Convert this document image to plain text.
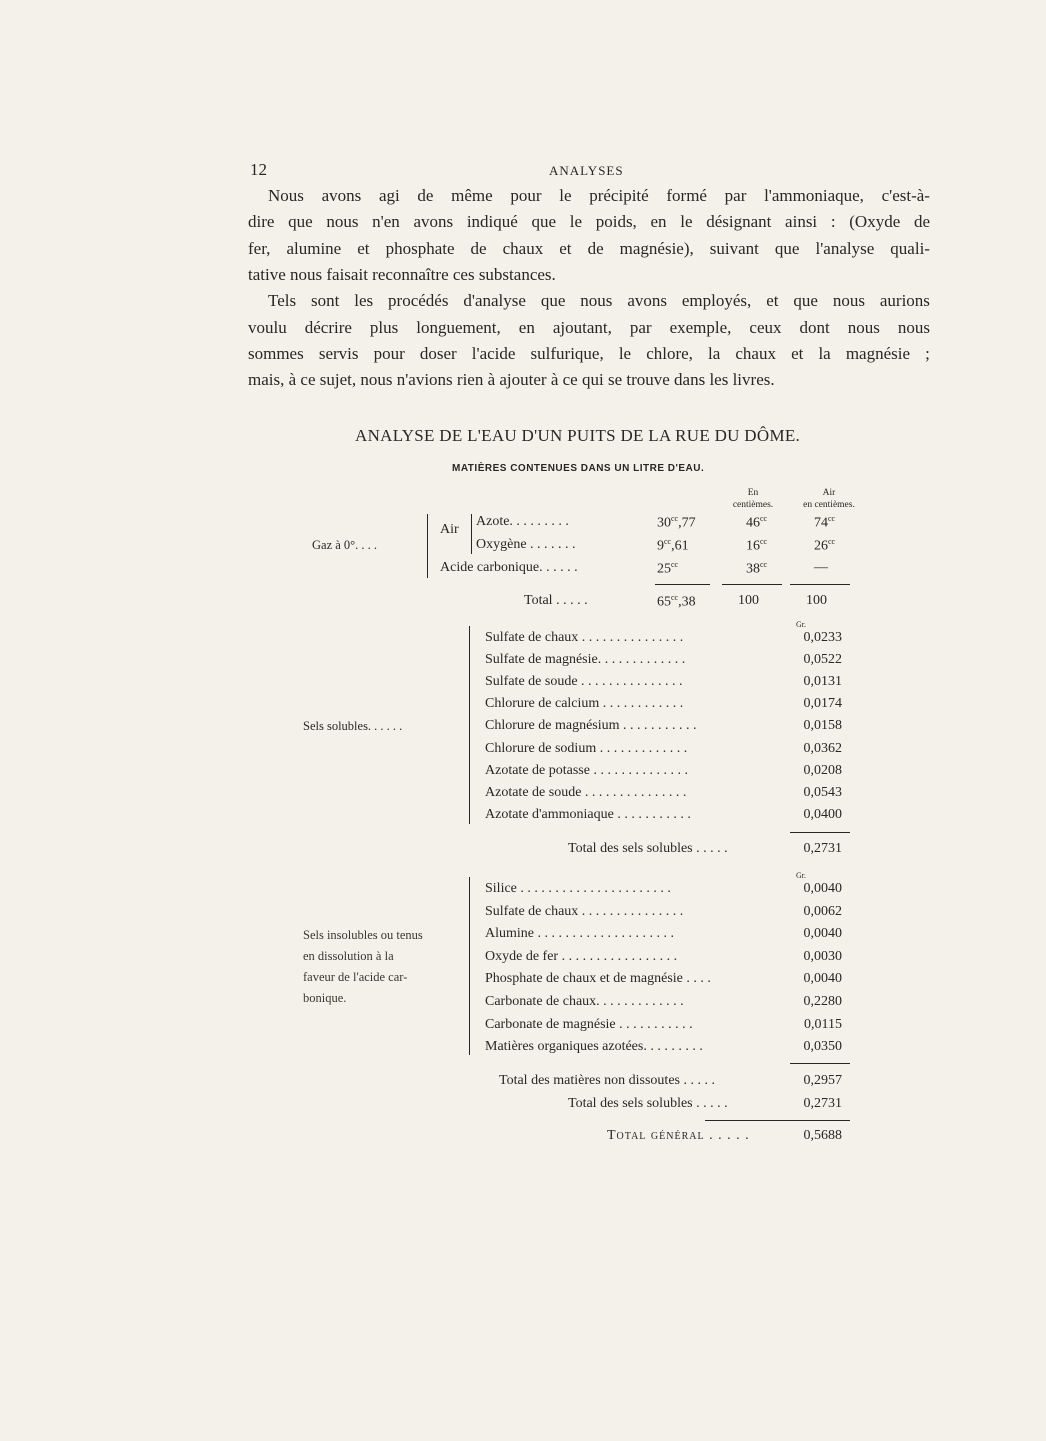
12	ANALYSES
Nous avons agi de même pour le précipité formé par l'ammoniaque, c'est-à-
dire que nous n'en avons indiqué que le poids, en le désignant ainsi : (Oxyde de
fer, alumine et phosphate de chaux et de magnésie), suivant que l'analyse quali-
tative nous faisait reconnaître ces substances.
Tels sont les procédés d'analyse que nous avons employés, et que nous aurions
voulu décrire plus longuement, en ajoutant, par exemple, ceux dont nous nous
sommes servis pour doser l'acide sulfurique, le chlore, la chaux et la magnésie ;
mais, à ce sujet, nous n'avions rien à ajouter à ce qui se trouve dans les livres.
ANALYSE DE L'EAU D'UN PUITS DE LA RUE DU DÔME.
MATIÈRES CONTENUES DANS UN LITRE D'EAU.
En
centièmes.
Air
en centièmes.
Gaz à 0°. . . .
Air
Azote. . . . . . . . .	$30^{cc},77$	$46^{cc}$	$74^{cc}$
Oxygène . . . . . . .	$9^{cc},61$	$16^{cc}$	$26^{cc}$
Acide carbonique. . . . . .	$25^{cc}$	$38^{cc}$	—
Total . . . . .	$65^{cc},38$	100	100
Gr.
Sels solubles. . . . . .
Sulfate de chaux . . . . . . . . . . . . . . .	0,0233
Sulfate de magnésie. . . . . . . . . . . . .	0,0522
Sulfate de soude . . . . . . . . . . . . . . .	0,0131
Chlorure de calcium . . . . . . . . . . . .	0,0174
Chlorure de magnésium . . . . . . . . . . .	0,0158
Chlorure de sodium . . . . . . . . . . . . .	0,0362
Azotate de potasse . . . . . . . . . . . . . .	0,0208
Azotate de soude . . . . . . . . . . . . . . .	0,0543
Azotate d'ammoniaque . . . . . . . . . . .	0,0400
Total des sels solubles . . . . .	0,2731
Gr.
Sels insolubles ou tenus
en dissolution à la
faveur de l'acide car-
bonique.
Silice . . . . . . . . . . . . . . . . . . . . . .	0,0040
Sulfate de chaux . . . . . . . . . . . . . . .	0,0062
Alumine . . . . . . . . . . . . . . . . . . . .	0,0040
Oxyde de fer . . . . . . . . . . . . . . . . .	0,0030
Phosphate de chaux et de magnésie . . . .	0,0040
Carbonate de chaux. . . . . . . . . . . . .	0,2280
Carbonate de magnésie . . . . . . . . . . .	0,0115
Matières organiques azotées. . . . . . . . .	0,0350
Total des matières non dissoutes . . . . .	0,2957
Total des sels solubles . . . . .	0,2731
Total général . . . . .	0,5688
